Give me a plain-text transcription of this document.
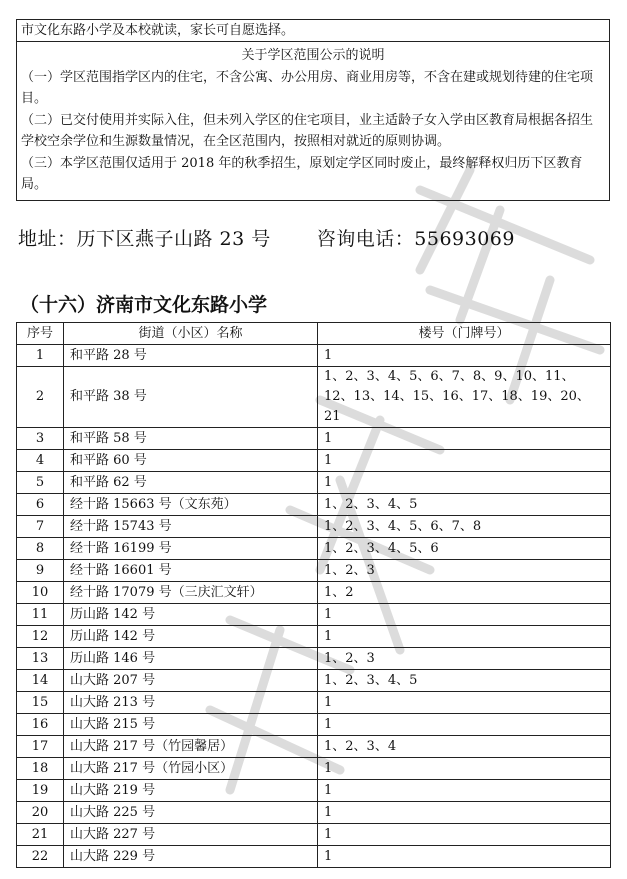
市文化东路小学及本校就读，家长可自愿选择。
关于学区范围公示的说明
（一）学区范围指学区内的住宅，不含公寓、办公用房、商业用房等，不含在建或规划待建的住宅项目。
（二）已交付使用并实际入住，但未列入学区的住宅项目，业主适龄子女入学由区教育局根据各招生学校空余学位和生源数量情况，在全区范围内，按照相对就近的原则协调。
（三）本学区范围仅适用于 2018 年的秋季招生，原划定学区同时废止，最终解释权归历下区教育局。
地址：历下区燕子山路 23 号 咨询电话：55693069
（十六）济南市文化东路小学
序号	街道（小区）名称	楼号（门牌号）
1	和平路 28 号	1
2	和平路 38 号	1、2、3、4、5、6、7、8、9、10、11、12、13、14、15、16、17、18、19、20、21
3	和平路 58 号	1
4	和平路 60 号	1
5	和平路 62 号	1
6	经十路 15663 号（文东苑）	1、2、3、4、5
7	经十路 15743 号	1、2、3、4、5、6、7、8
8	经十路 16199 号	1、2、3、4、5、6
9	经十路 16601 号	1、2、3
10	经十路 17079 号（三庆汇文轩）	1、2
11	历山路 142 号	1
12	历山路 142 号	1
13	历山路 146 号	1、2、3
14	山大路 207 号	1、2、3、4、5
15	山大路 213 号	1
16	山大路 215 号	1
17	山大路 217 号（竹园馨居）	1、2、3、4
18	山大路 217 号（竹园小区）	1
19	山大路 219 号	1
20	山大路 225 号	1
21	山大路 227 号	1
22	山大路 229 号	1
